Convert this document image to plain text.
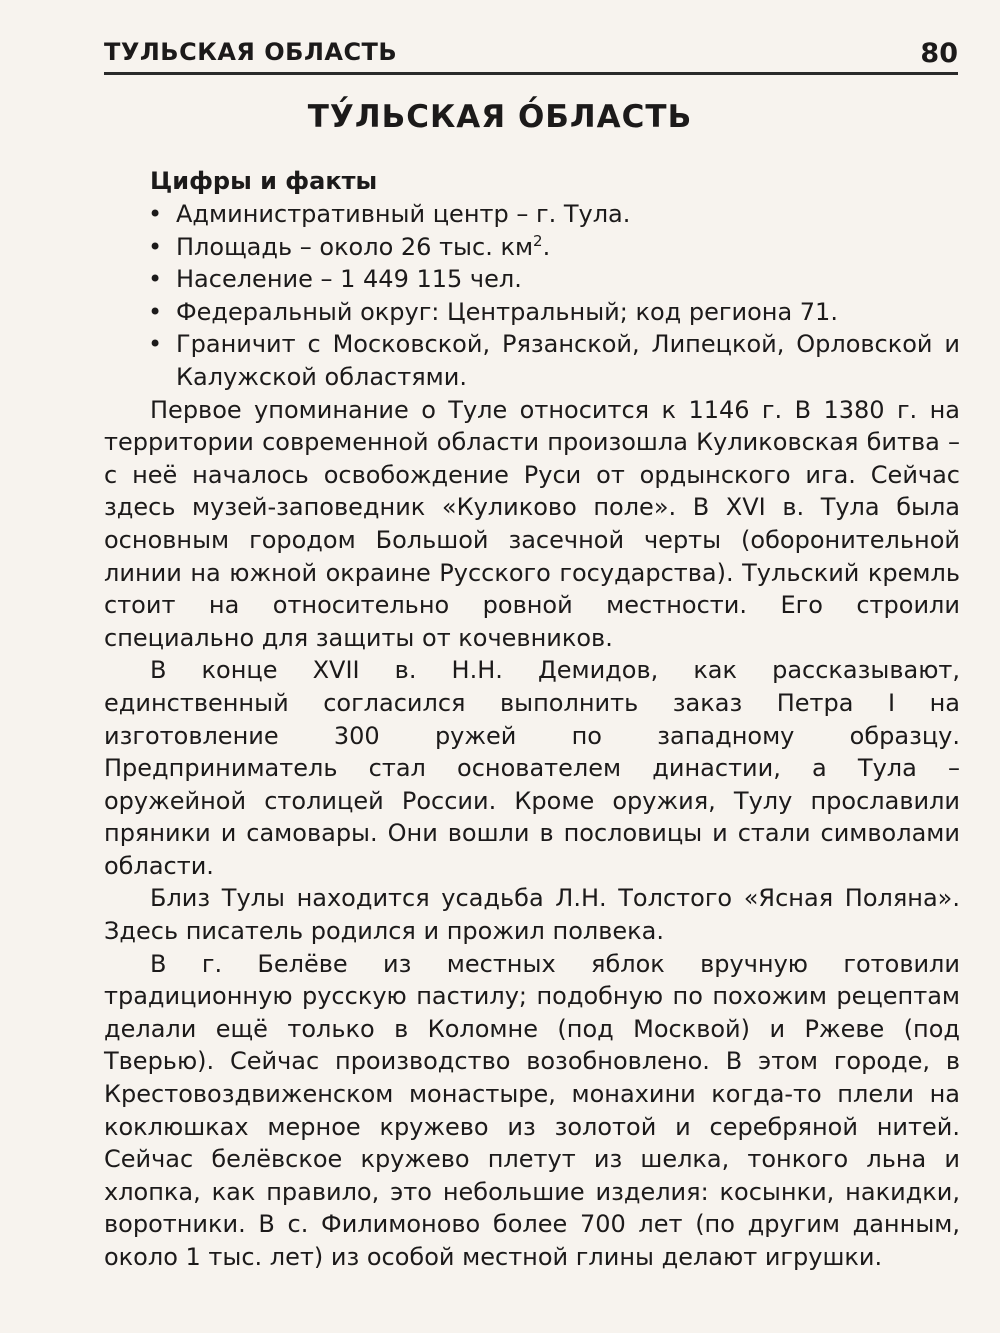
ТУЛЬСКАЯ ОБЛАСТЬ	80
ТУ́ЛЬСКАЯ О́БЛАСТЬ
Цифры и факты
• Административный центр – г. Тула.
• Площадь – около 26 тыс. $км^2$.
• Население – 1 449 115 чел.
• Федеральный округ: Центральный; код региона 71.
• Граничит с Московской, Рязанской, Липецкой, Орловской и Калужской областями.

Первое упоминание о Туле относится к 1146 г. В 1380 г. на территории современной области произошла Куликовская битва – с неё началось освобождение Руси от ордынского ига. Сейчас здесь музей-заповедник «Куликово поле». В XVI в. Тула была основным городом Большой засечной черты (оборонительной линии на южной окраине Русского государства). Тульский кремль стоит на относительно ровной местности. Его строили специально для защиты от кочевников.

В конце XVII в. Н.Н. Демидов, как рассказывают, единственный согласился выполнить заказ Петра I на изготовление 300 ружей по западному образцу. Предприниматель стал основателем династии, а Тула – оружейной столицей России. Кроме оружия, Тулу прославили пряники и самовары. Они вошли в пословицы и стали символами области.

Близ Тулы находится усадьба Л.Н. Толстого «Ясная Поляна». Здесь писатель родился и прожил полвека.

В г. Белёве из местных яблок вручную готовили традиционную русскую пастилу; подобную по похожим рецептам делали ещё только в Коломне (под Москвой) и Ржеве (под Тверью). Сейчас производство возобновлено. В этом городе, в Крестовоздвиженском монастыре, монахини когда-то плели на коклюшках мерное кружево из золотой и серебряной нитей. Сейчас белёвское кружево плетут из шелка, тонкого льна и хлопка, как правило, это небольшие изделия: косынки, накидки, воротники. В с. Филимоново более 700 лет (по другим данным, около 1 тыс. лет) из особой местной глины делают игрушки.
